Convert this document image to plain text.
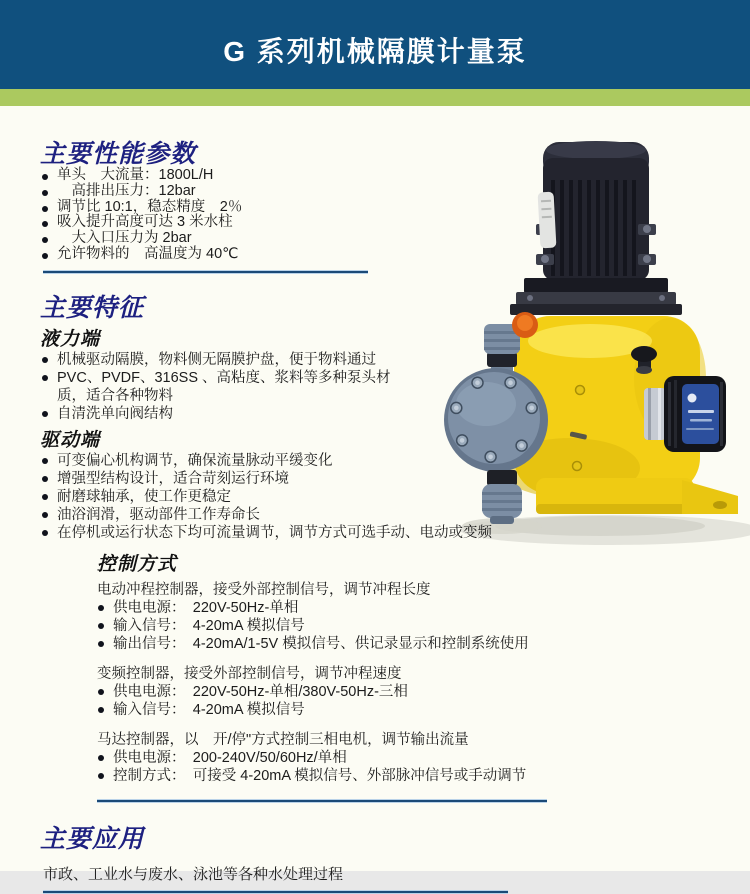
G 系列机械隔膜计量泵
主要性能参数
单头　大流量：1800L/H
　高排出压力：12bar
调节比 10:1，稳态精度　2％
吸入提升高度可达 3 米水柱
　大入口压力为 2bar
允许物料的　高温度为 40℃
主要特征
液力端
机械驱动隔膜，物料侧无隔膜护盘，便于物料通过
PVC、PVDF、316SS 、高粘度、浆料等多种泵头材质，适合各种物料
自清洗单向阀结构
驱动端
可变偏心机构调节，确保流量脉动平缓变化
增强型结构设计，适合苛刻运行环境
耐磨球轴承，使工作更稳定
油浴润滑，驱动部件工作寿命长
在停机或运行状态下均可流量调节，调节方式可选手动、电动或变频
控制方式
电动冲程控制器，接受外部控制信号，调节冲程长度
供电电源：　220V-50Hz-单相
输入信号：　4-20mA 模拟信号
输出信号：　4-20mA/1-5V 模拟信号、供记录显示和控制系统使用
变频控制器，接受外部控制信号，调节冲程速度
供电电源：　220V-50Hz-单相/380V-50Hz-三相
输入信号：　4-20mA 模拟信号
马达控制器，以　开/停"方式控制三相电机，调节输出流量
供电电源：　200-240V/50/60Hz/单相
控制方式：　可接受 4-20mA 模拟信号、外部脉冲信号或手动调节
主要应用
市政、工业水与废水、泳池等各种水处理过程
